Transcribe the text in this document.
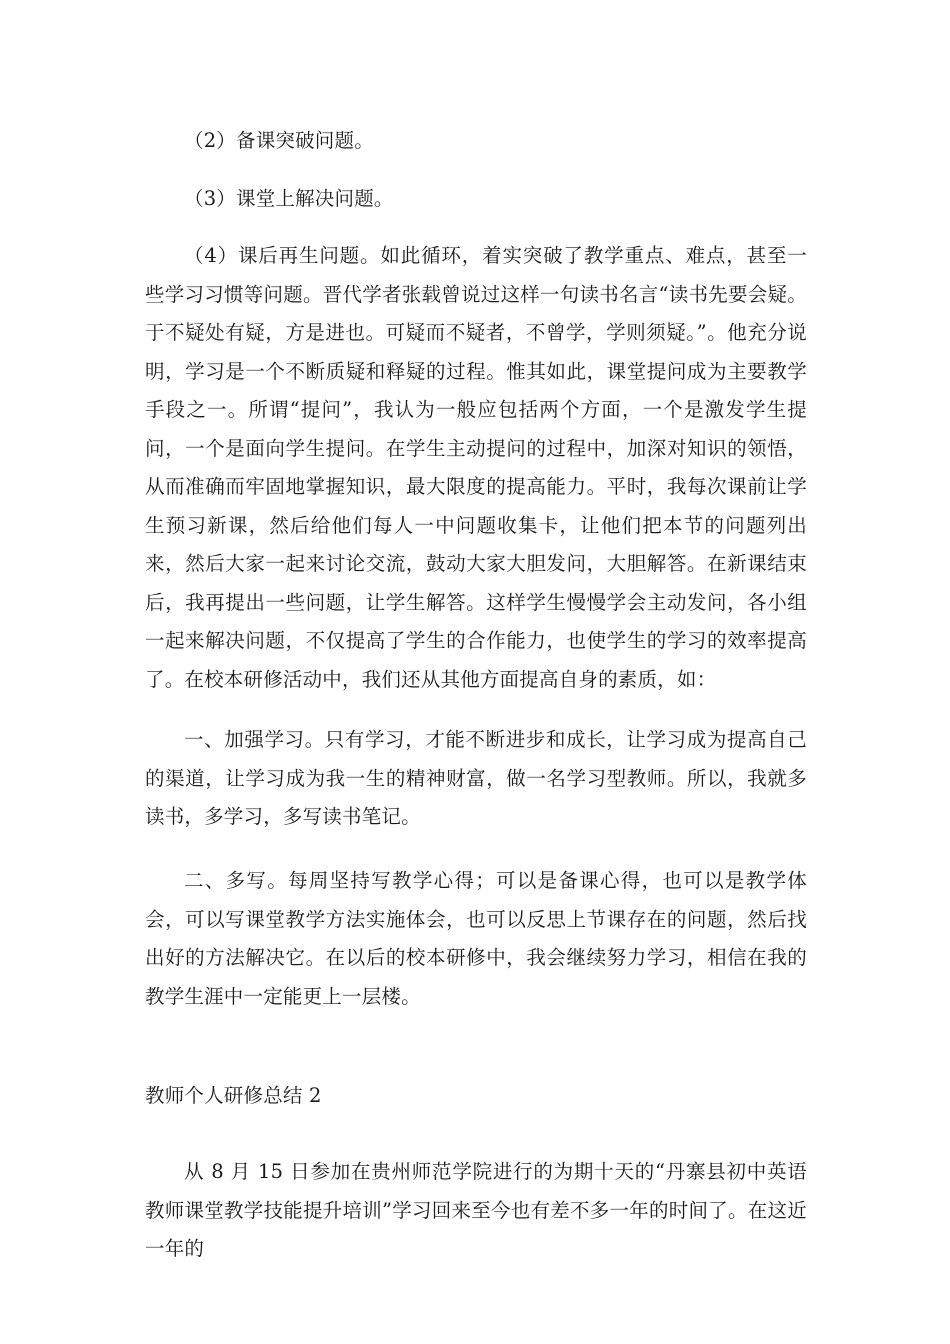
（2）备课突破问题。

（3）课堂上解决问题。

（4）课后再生问题。如此循环，着实突破了教学重点、难点，甚至一些学习习惯等问题。晋代学者张载曾说过这样一句读书名言“读书先要会疑。于不疑处有疑，方是进也。可疑而不疑者，不曾学，学则须疑。”。他充分说明，学习是一个不断质疑和释疑的过程。惟其如此，课堂提问成为主要教学手段之一。所谓“提问”，我认为一般应包括两个方面，一个是激发学生提问，一个是面向学生提问。在学生主动提问的过程中，加深对知识的领悟，从而准确而牢固地掌握知识，最大限度的提高能力。平时，我每次课前让学生预习新课，然后给他们每人一中问题收集卡，让他们把本节的问题列出来，然后大家一起来讨论交流，鼓动大家大胆发问，大胆解答。在新课结束后，我再提出一些问题，让学生解答。这样学生慢慢学会主动发问，各小组一起来解决问题，不仅提高了学生的合作能力，也使学生的学习的效率提高了。在校本研修活动中，我们还从其他方面提高自身的素质，如：

一、加强学习。只有学习，才能不断进步和成长，让学习成为提高自己的渠道，让学习成为我一生的精神财富，做一名学习型教师。所以，我就多读书，多学习，多写读书笔记。

二、多写。每周坚持写教学心得；可以是备课心得，也可以是教学体会，可以写课堂教学方法实施体会，也可以反思上节课存在的问题，然后找出好的方法解决它。在以后的校本研修中，我会继续努力学习，相信在我的教学生涯中一定能更上一层楼。

教师个人研修总结 2

从 8 月 15 日参加在贵州师范学院进行的为期十天的“丹寨县初中英语教师课堂教学技能提升培训”学习回来至今也有差不多一年的时间了。在这近一年的
